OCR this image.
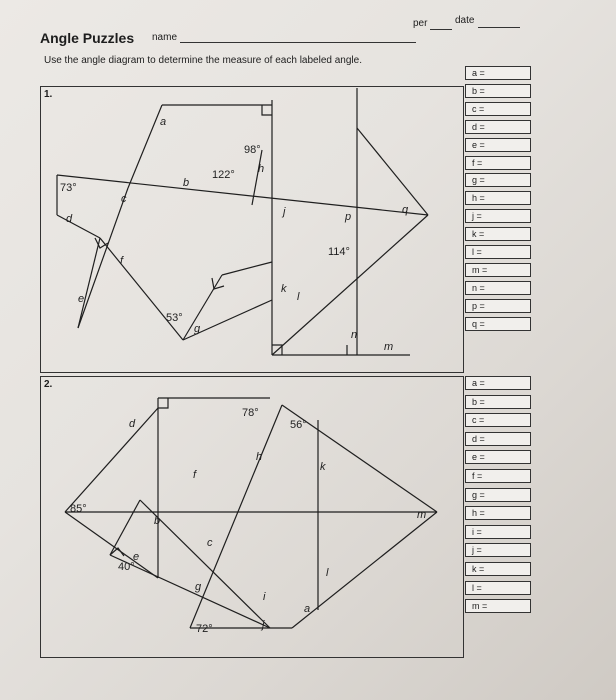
Angle Puzzles name
per	date
Use the angle diagram to determine the measure of each labeled angle.
1.
2.
73°
98°
122°
114°
53°
a
b
c
d
e
f
g
h
j
k
l
p
q
n
m
85°
40°
78°
56°
72°
d
e
b
f
c
g
h
i
j
k
l
a
m
a =
b =
c =
d =
e =
f =
g =
h =
j =
k =
l =
m =
n =
p =
q =
a =
b =
c =
d =
e =
f =
g =
h =
i =
j =
k =
l =
m =
